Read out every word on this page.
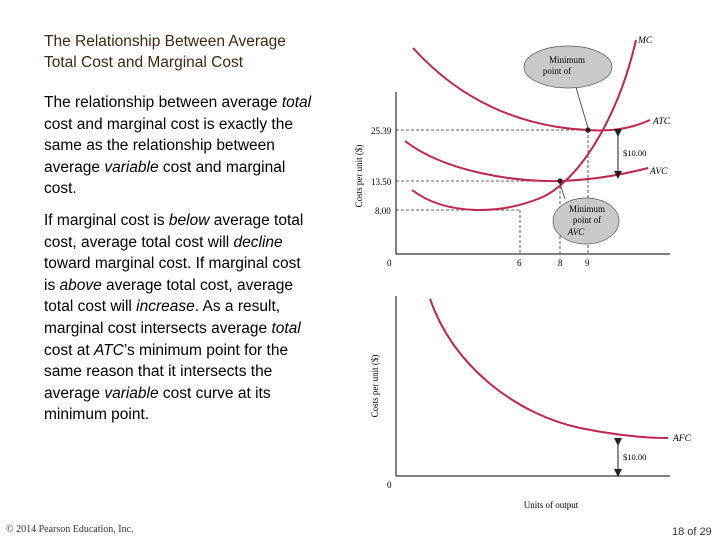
The Relationship Between Average
Total Cost and Marginal Cost
The relationship between average total cost and marginal cost is exactly the same as the relationship between average variable cost and marginal cost.
If marginal cost is below average total cost, average total cost will decline toward marginal cost. If marginal cost is above average total cost, average total cost will increase. As a result, marginal cost intersects average total cost at ATC’s minimum point for the same reason that it intersects the average variable cost curve at its minimum point.
Costs per unit ($)
25.39
13.50
8.00
0	6	8	9
MC
ATC
AVC
$10.00
Minimum
point of
Minimum
point of
AVC
Costs per unit ($)
0
Units of output
AFC
$10.00
© 2014 Pearson Education, Inc.	18 of 29
